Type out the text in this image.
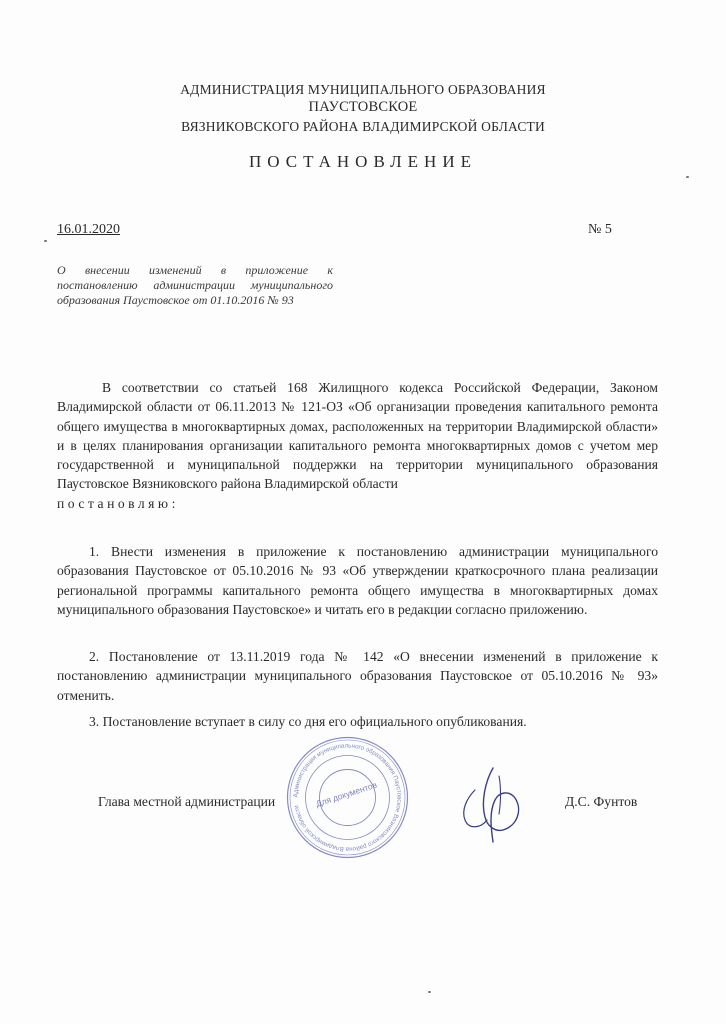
АДМИНИСТРАЦИЯ МУНИЦИПАЛЬНОГО ОБРАЗОВАНИЯ
ПАУСТОВСКОЕ
ВЯЗНИКОВСКОГО РАЙОНА ВЛАДИМИРСКОЙ ОБЛАСТИ
ПОСТАНОВЛЕНИЕ
16.01.2020	№ 5
О внесении изменений в приложение к постановлению администрации муниципального образования Паустовское от 01.10.2016 № 93
В соответствии со статьей 168 Жилищного кодекса Российской Федерации, Законом Владимирской области от 06.11.2013 № 121-ОЗ «Об организации проведения капитального ремонта общего имущества в многоквартирных домах, расположенных на территории Владимирской области» и в целях планирования организации капитального ремонта многоквартирных домов с учетом мер государственной и муниципальной поддержки на территории муниципального образования Паустовское Вязниковского района Владимирской области
постановляю:
1. Внести изменения в приложение к постановлению администрации муниципального образования Паустовское от 05.10.2016 № 93 «Об утверждении краткосрочного плана реализации региональной программы капитального ремонта общего имущества в многоквартирных домах муниципального образования Паустовское» и читать его в редакции согласно приложению.
2. Постановление от 13.11.2019 года № 142 «О внесении изменений в приложение к постановлению администрации муниципального образования Паустовское от 05.10.2016 № 93» отменить.
3. Постановление вступает в силу со дня его официального опубликования.
Глава местной администрации	Д.С. Фунтов
Администрация муниципального образования Паустовское Вязниковского района Владимирской области	Для документов
